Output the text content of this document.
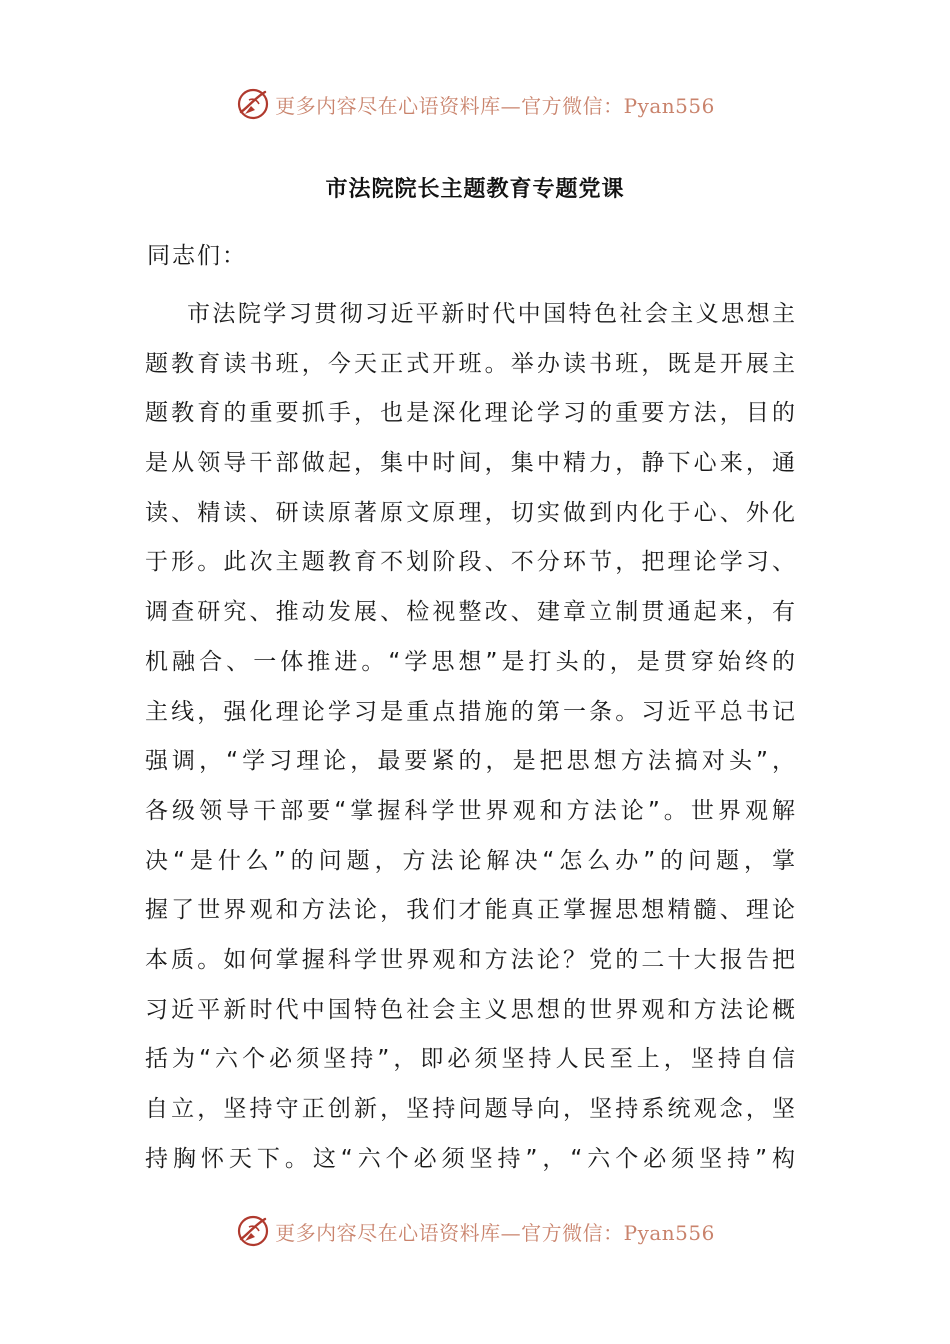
更多内容尽在心语资料库—官方微信：Pyan556
市法院院长主题教育专题党课

同志们：

市法院学习贯彻习近平新时代中国特色社会主义思想主
题教育读书班，今天正式开班。举办读书班，既是开展主
题教育的重要抓手，也是深化理论学习的重要方法，目的
是从领导干部做起，集中时间，集中精力，静下心来，通
读、精读、研读原著原文原理，切实做到内化于心、外化
于形。此次主题教育不划阶段、不分环节，把理论学习、
调查研究、推动发展、检视整改、建章立制贯通起来，有
机融合、一体推进。“学思想”是打头的，是贯穿始终的
主线，强化理论学习是重点措施的第一条。习近平总书记
强调，“学习理论，最要紧的，是把思想方法搞对头”，
各级领导干部要“掌握科学世界观和方法论”。世界观解
决“是什么”的问题，方法论解决“怎么办”的问题，掌
握了世界观和方法论，我们才能真正掌握思想精髓、理论
本质。如何掌握科学世界观和方法论？党的二十大报告把
习近平新时代中国特色社会主义思想的世界观和方法论概
括为“六个必须坚持”，即必须坚持人民至上，坚持自信
自立，坚持守正创新，坚持问题导向，坚持系统观念，坚
持胸怀天下。这“六个必须坚持”，“六个必须坚持”构
更多内容尽在心语资料库—官方微信：Pyan556
